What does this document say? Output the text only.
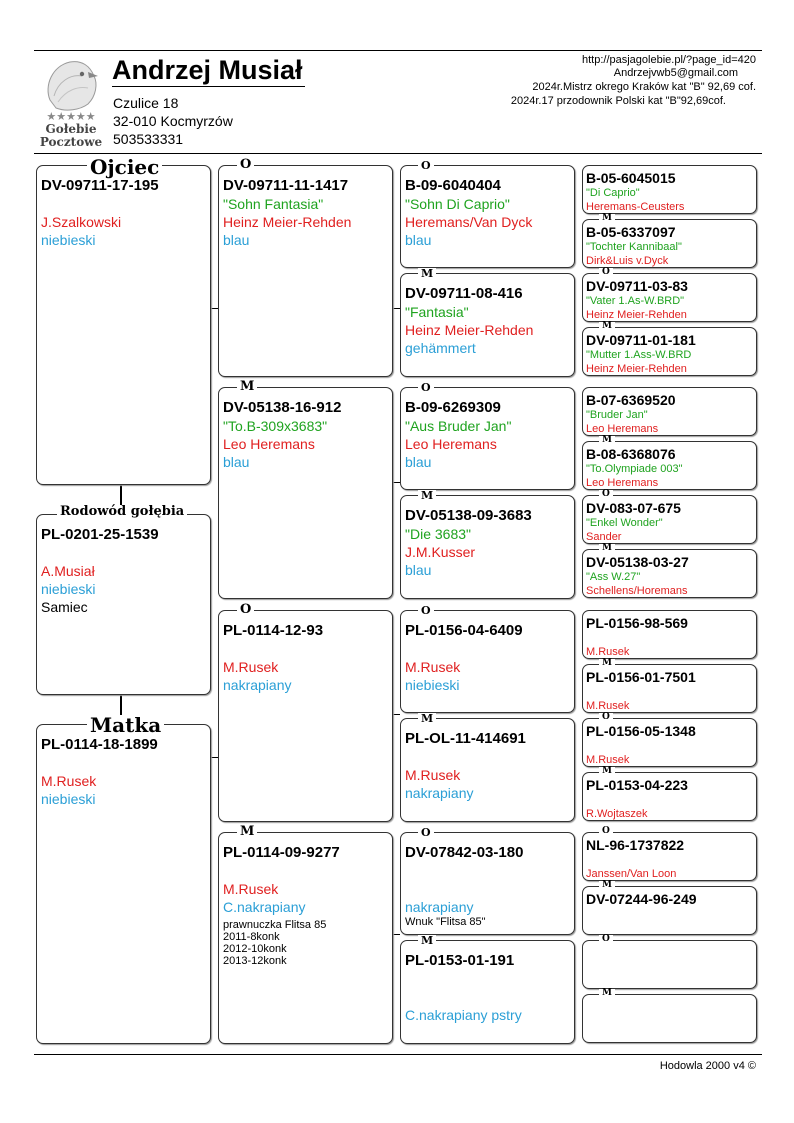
★★★★★
Gołebie
Pocztowe
Andrzej Musiał
Czulice 18
32-010 Kocmyrzów
503533331
http://pasjagolebie.pl/?page_id=420
Andrzejvwb5@gmail.com
2024r.Mistrz okrego Kraków kat "B" 92,69 cof.
2024r.17 przodownik Polski kat "B"92,69cof.
DV-09711-17-195
J.Szalkowski
niebieski
Ojciec
PL-0201-25-1539
A.Musiał
niebieski
Samiec
Rodowód gołębia
PL-0114-18-1899
M.Rusek
niebieski
Matka
DV-09711-11-1417
"Sohn Fantasia"
Heinz Meier-Rehden
blau
O
DV-05138-16-912
"To.B-309x3683"
Leo Heremans
blau
M
PL-0114-12-93
M.Rusek
nakrapiany
O
PL-0114-09-9277
M.Rusek
C.nakrapiany
prawnuczka Flitsa 85
2011-8konk
2012-10konk
2013-12konk
M
B-09-6040404
"Sohn Di Caprio"
Heremans/Van Dyck
blau
O
DV-09711-08-416
"Fantasia"
Heinz Meier-Rehden
gehämmert
M
B-09-6269309
"Aus Bruder Jan"
Leo Heremans
blau
O
DV-05138-09-3683
"Die 3683"
J.M.Kusser
blau
M
PL-0156-04-6409
M.Rusek
niebieski
O
PL-OL-11-414691
M.Rusek
nakrapiany
M
DV-07842-03-180
nakrapiany
Wnuk "Flitsa 85"
O
PL-0153-01-191
C.nakrapiany pstry
M
B-05-6045015
"Di Caprio"
Heremans-Ceusters
B-05-6337097
"Tochter Kannibaal"
Dirk&Luis v.Dyck
M
DV-09711-03-83
"Vater 1.As-W.BRD"
Heinz Meier-Rehden
O
DV-09711-01-181
"Mutter 1.Ass-W.BRD
Heinz Meier-Rehden
M
B-07-6369520
"Bruder Jan"
Leo Heremans
B-08-6368076
"To.Olympiade 003"
Leo Heremans
M
DV-083-07-675
"Enkel Wonder"
Sander
O
DV-05138-03-27
"Ass W.27"
Schellens/Horemans
M
PL-0156-98-569
M.Rusek
PL-0156-01-7501
M.Rusek
M
PL-0156-05-1348
M.Rusek
O
PL-0153-04-223
R.Wojtaszek
M
NL-96-1737822
Janssen/Van Loon
O
DV-07244-96-249
M
O
M
Hodowla 2000 v4 ©
